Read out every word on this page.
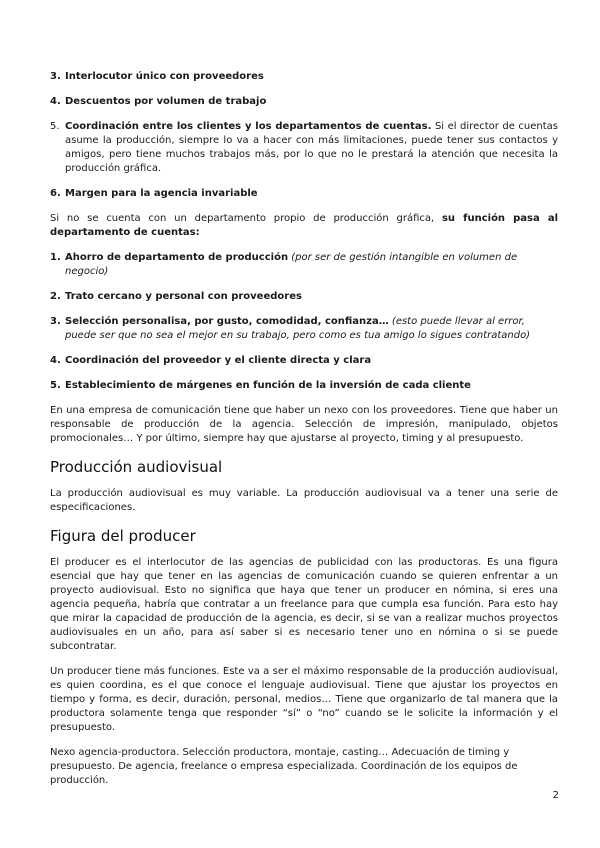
3. Interlocutor único con proveedores
4. Descuentos por volumen de trabajo
5. Coordinación entre los clientes y los departamentos de cuentas. Si el director de cuentas asume la producción, siempre lo va a hacer con más limitaciones, puede tener sus contactos y amigos, pero tiene muchos trabajos más, por lo que no le prestará la atención que necesita la producción gráfica.
6. Margen para la agencia invariable

Si no se cuenta con un departamento propio de producción gráfica, su función pasa al departamento de cuentas:

1. Ahorro de departamento de producción (por ser de gestión intangible en volumen de negocio)
2. Trato cercano y personal con proveedores
3. Selección personalisa, por gusto, comodidad, confianza… (esto puede llevar al error, puede ser que no sea el mejor en su trabajo, pero como es tua amigo lo sigues contratando)
4. Coordinación del proveedor y el cliente directa y clara
5. Establecimiento de márgenes en función de la inversión de cada cliente

En una empresa de comunicación tiene que haber un nexo con los proveedores. Tiene que haber un responsable de producción de la agencia. Selección de impresión, manipulado, objetos promocionales… Y por último, siempre hay que ajustarse al proyecto, timing y al presupuesto.

Producción audiovisual

La producción audiovisual es muy variable. La producción audiovisual va a tener una serie de especificaciones.

Figura del producer

El producer es el interlocutor de las agencias de publicidad con las productoras. Es una figura esencial que hay que tener en las agencias de comunicación cuando se quieren enfrentar a un proyecto audiovisual. Esto no significa que haya que tener un producer en nómina, si eres una agencia pequeña, habría que contratar a un freelance para que cumpla esa función. Para esto hay que mirar la capacidad de producción de la agencia, es decir, si se van a realizar muchos proyectos audiovisuales en un año, para así saber si es necesario tener uno en nómina o si se puede subcontratar.

Un producer tiene más funciones. Este va a ser el máximo responsable de la producción audiovisual, es quien coordina, es el que conoce el lenguaje audiovisual. Tiene que ajustar los proyectos en tiempo y forma, es decir, duración, personal, medios… Tiene que organizarlo de tal manera que la productora solamente tenga que responder “sí” o “no” cuando se le solicite la información y el presupuesto.

Nexo agencia-productora. Selección productora, montaje, casting… Adecuación de timing y presupuesto. De agencia, freelance o empresa especializada. Coordinación de los equipos de producción.

2
